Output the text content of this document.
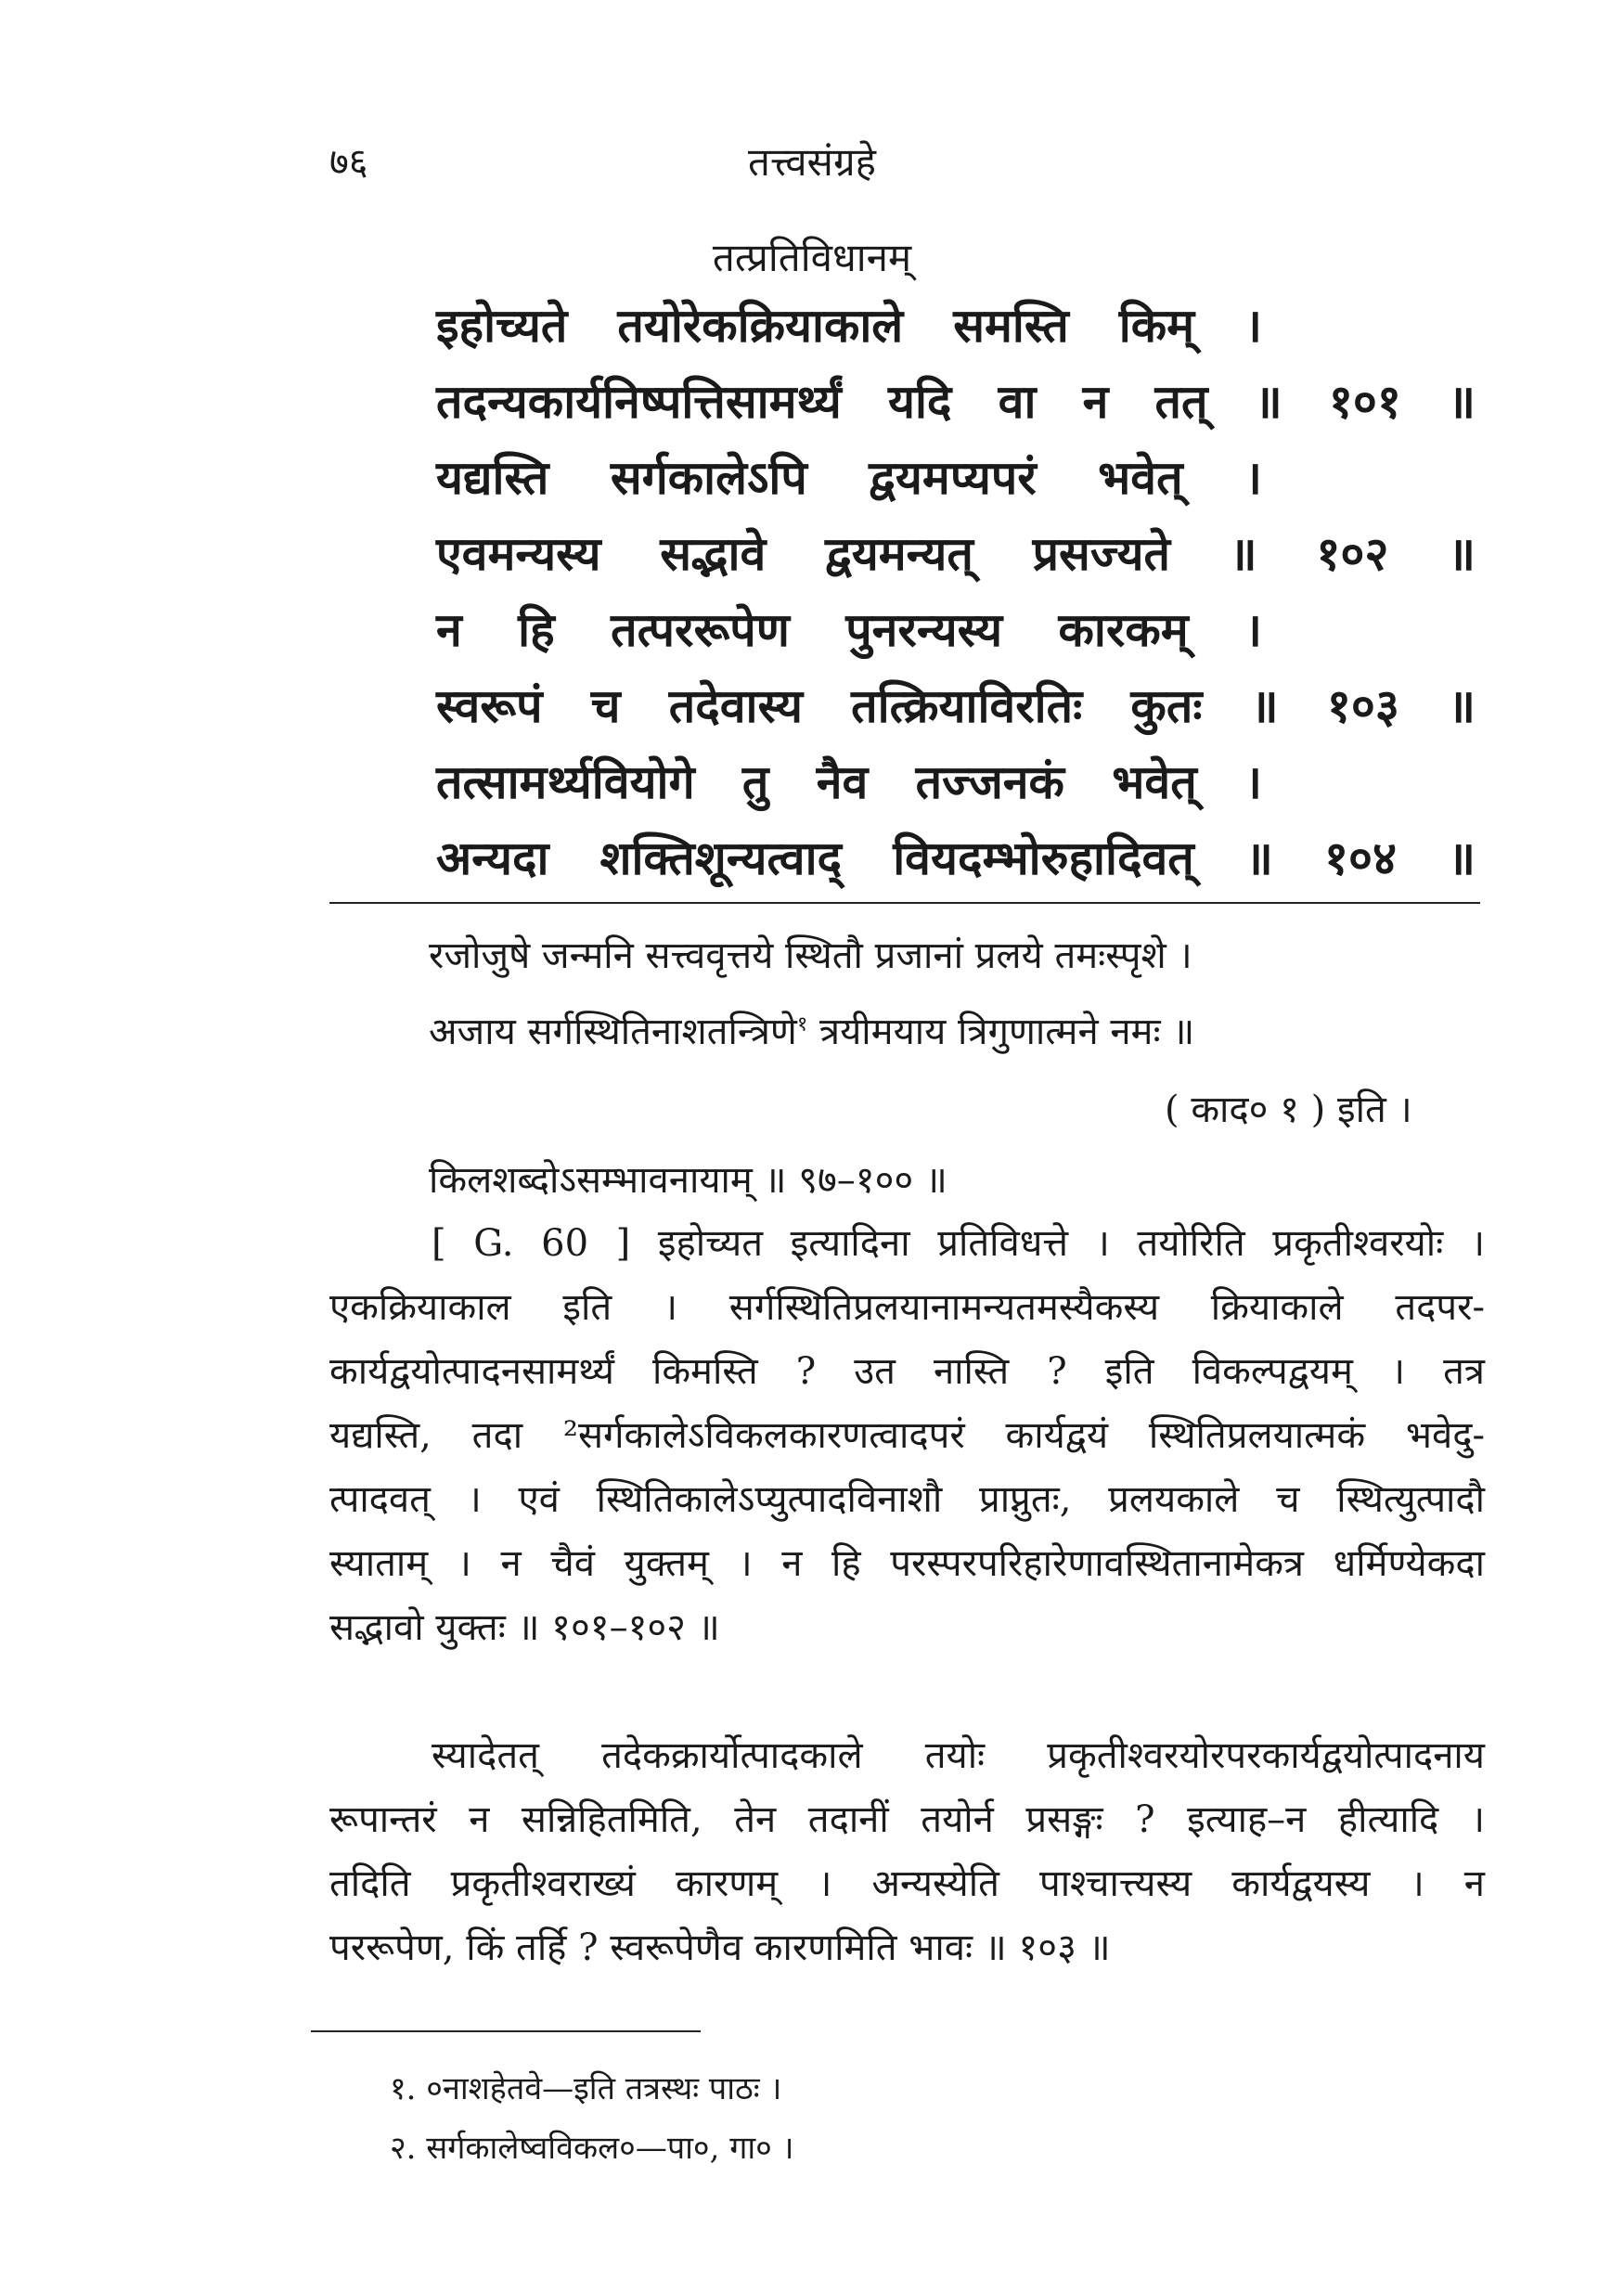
७६	तत्त्वसंग्रहे
तत्प्रतिविधानम्
इहोच्यते तयोरेकक्रियाकाले समस्ति किम् ।
तदन्यकार्यनिष्पत्तिसामर्थ्यं यदि वा न तत् ॥ १०१ ॥
यद्यस्ति सर्गकालेऽपि द्वयमप्यपरं भवेत् ।
एवमन्यस्य सद्भावे द्वयमन्यत् प्रसज्यते ॥ १०२ ॥
न हि तत्पररूपेण पुनरन्यस्य कारकम् ।
स्वरूपं च तदेवास्य तत्क्रियाविरतिः कुतः ॥ १०३ ॥
तत्सामर्थ्यवियोगे तु नैव तज्जनकं भवेत् ।
अन्यदा शक्तिशून्यत्वाद् वियदम्भोरुहादिवत् ॥ १०४ ॥
रजोजुषे जन्मनि सत्त्ववृत्तये स्थितौ प्रजानां प्रलये तमःस्पृशे ।
अजाय सर्गस्थितिनाशतन्त्रिणे$^१$ त्रयीमयाय त्रिगुणात्मने नमः ॥
( काद० १ ) इति ।
किलशब्दोऽसम्भावनायाम् ॥ ९७–१०० ॥
[ G. 60 ] इहोच्यत इत्यादिना प्रतिविधत्ते । तयोरिति प्रकृतीश्वरयोः ।
एकक्रियाकाल इति । सर्गस्थितिप्रलयानामन्यतमस्यैकस्य क्रियाकाले तदपर-
कार्यद्वयोत्पादनसामर्थ्यं किमस्ति ? उत नास्ति ? इति विकल्पद्वयम् । तत्र
यद्यस्ति, तदा ²सर्गकालेऽविकलकारणत्वादपरं कार्यद्वयं स्थितिप्रलयात्मकं भवेदु-
त्पादवत् । एवं स्थितिकालेऽप्युत्पादविनाशौ प्राप्नुतः, प्रलयकाले च स्थित्युत्पादौ
स्याताम् । न चैवं युक्तम् । न हि परस्परपरिहारेणावस्थितानामेकत्र धर्मिण्येकदा
सद्भावो युक्तः ॥ १०१–१०२ ॥
स्यादेतत् तदेकक्रार्योत्पादकाले तयोः प्रकृतीश्वरयोरपरकार्यद्वयोत्पादनाय
रूपान्तरं न सन्निहितमिति, तेन तदानीं तयोर्न प्रसङ्गः ? इत्याह–न हीत्यादि ।
तदिति प्रकृतीश्वराख्यं कारणम् । अन्यस्येति पाश्चात्त्यस्य कार्यद्वयस्य । न
पररूपेण, किं तर्हि ? स्वरूपेणैव कारणमिति भावः ॥ १०३ ॥
१. ०नाशहेतवे—इति तत्रस्थः पाठः ।
२. सर्गकालेष्वविकल०—पा०, गा० ।
